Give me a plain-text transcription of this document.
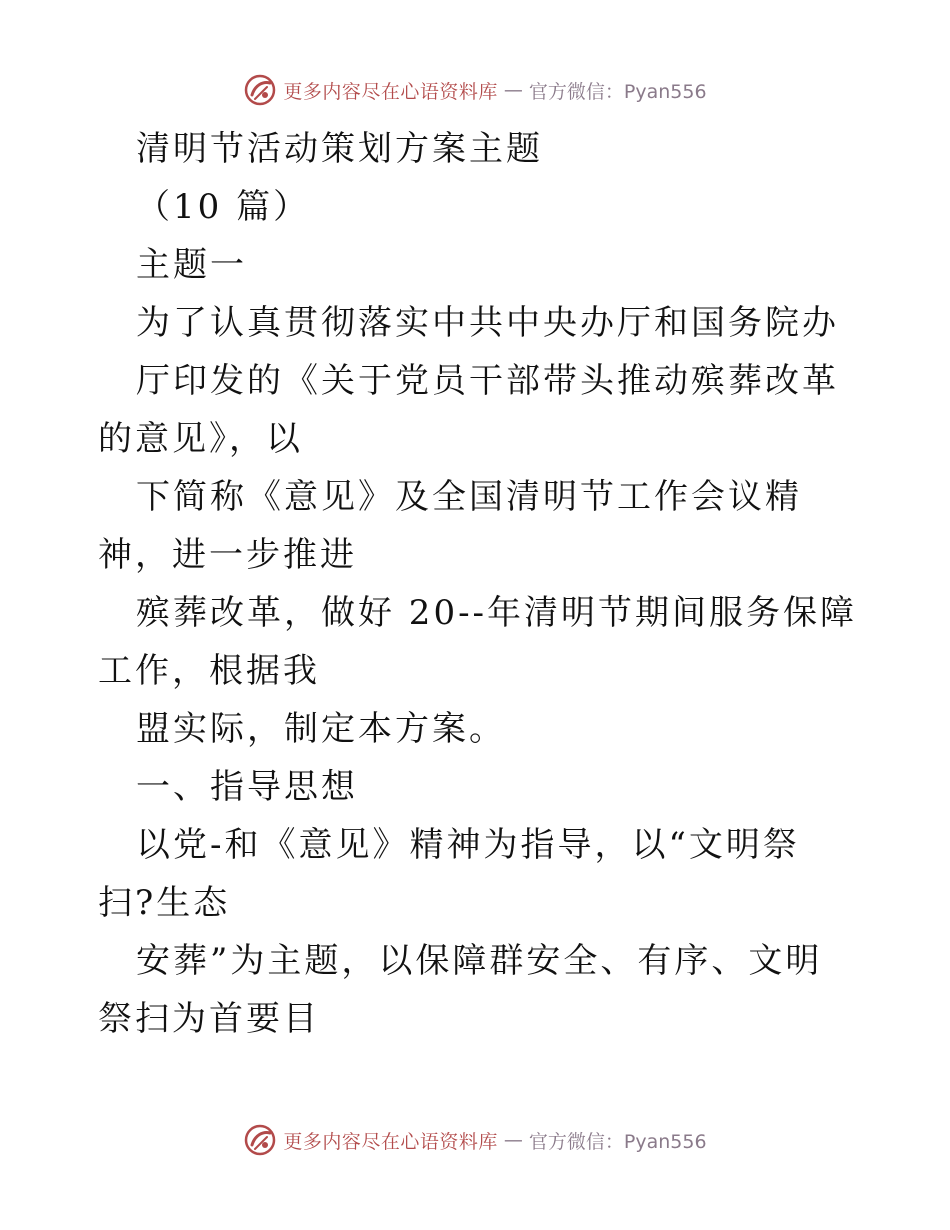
更多内容尽在心语资料库 — 官方微信：Pyan556

清明节活动策划方案主题

（10 篇）

主题一

为了认真贯彻落实中共中央办厅和国务院办

厅印发的《关于党员干部带头推动殡葬改革的意见》，以

下简称《意见》及全国清明节工作会议精神，进一步推进

殡葬改革，做好 20--年清明节期间服务保障工作，根据我

盟实际，制定本方案。

一、指导思想

以党-和《意见》精神为指导，以“文明祭扫?生态

安葬”为主题，以保障群安全、有序、文明祭扫为首要目

更多内容尽在心语资料库 — 官方微信：Pyan556
